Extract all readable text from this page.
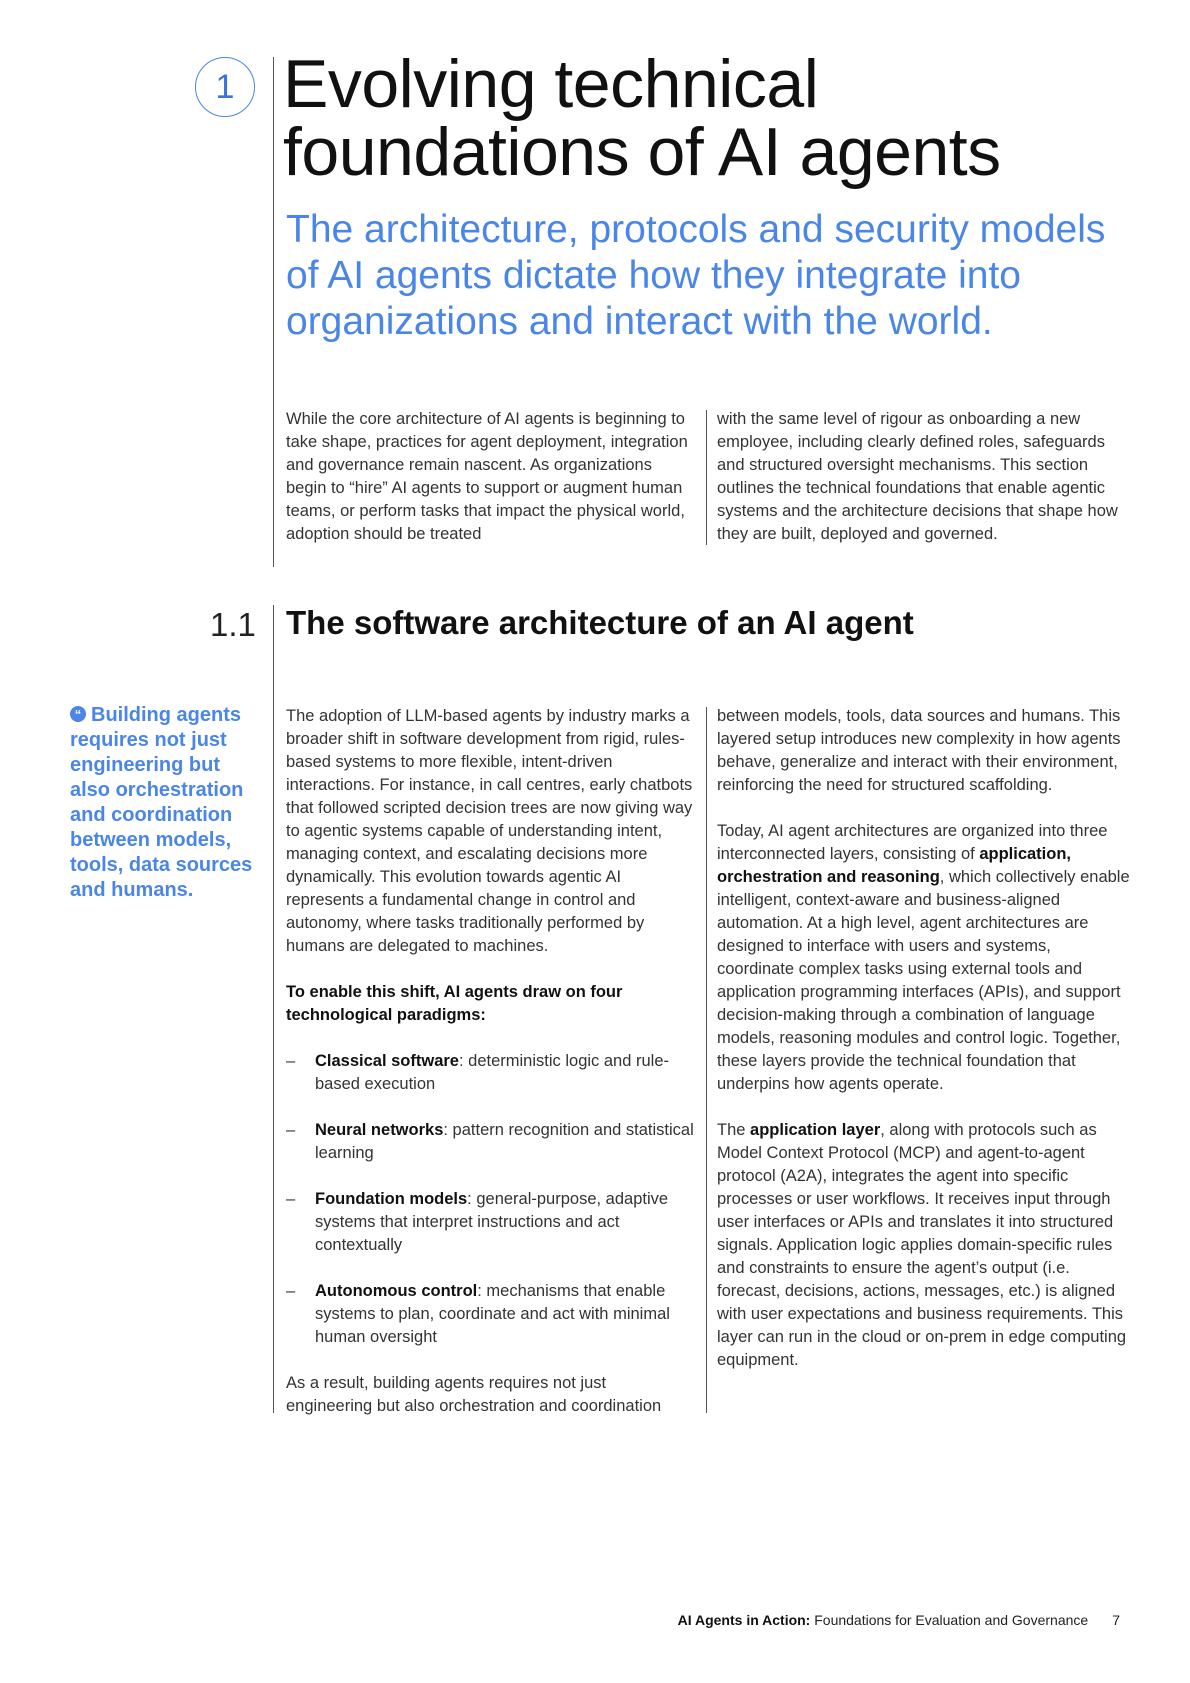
1 Evolving technical
foundations of AI agents

The architecture, protocols and security models of AI agents dictate how they integrate into organizations and interact with the world.

While the core architecture of AI agents is beginning to take shape, practices for agent deployment, integration and governance remain nascent. As organizations begin to “hire” AI agents to support or augment human teams, or perform tasks that impact the physical world, adoption should be treated

with the same level of rigour as onboarding a new employee, including clearly defined roles, safeguards and structured oversight mechanisms. This section outlines the technical foundations that enable agentic systems and the architecture decisions that shape how they are built, deployed and governed.

1.1 The software architecture of an AI agent
“ Building agents requires not just engineering but also orchestration and coordination between models, tools, data sources and humans.

The adoption of LLM-based agents by industry marks a broader shift in software development from rigid, rules-based systems to more flexible, intent-driven interactions. For instance, in call centres, early chatbots that followed scripted decision trees are now giving way to agentic systems capable of understanding intent, managing context, and escalating decisions more dynamically. This evolution towards agentic AI represents a fundamental change in control and autonomy, where tasks traditionally performed by humans are delegated to machines.

To enable this shift, AI agents draw on four technological paradigms:

–	Classical software: deterministic logic and rule-based execution
–	Neural networks: pattern recognition and statistical learning
–	Foundation models: general-purpose, adaptive systems that interpret instructions and act contextually
–	Autonomous control: mechanisms that enable systems to plan, coordinate and act with minimal human oversight

As a result, building agents requires not just engineering but also orchestration and coordination

between models, tools, data sources and humans. This layered setup introduces new complexity in how agents behave, generalize and interact with their environment, reinforcing the need for structured scaffolding.

Today, AI agent architectures are organized into three interconnected layers, consisting of application, orchestration and reasoning, which collectively enable intelligent, context-aware and business-aligned automation. At a high level, agent architectures are designed to interface with users and systems, coordinate complex tasks using external tools and application programming interfaces (APIs), and support decision-making through a combination of language models, reasoning modules and control logic. Together, these layers provide the technical foundation that underpins how agents operate.

The application layer, along with protocols such as Model Context Protocol (MCP) and agent-to-agent protocol (A2A), integrates the agent into specific processes or user workflows. It receives input through user interfaces or APIs and translates it into structured signals. Application logic applies domain-specific rules and constraints to ensure the agent’s output (i.e. forecast, decisions, actions, messages, etc.) is aligned with user expectations and business requirements. This layer can run in the cloud or on-prem in edge computing equipment.

AI Agents in Action: Foundations for Evaluation and Governance 7
